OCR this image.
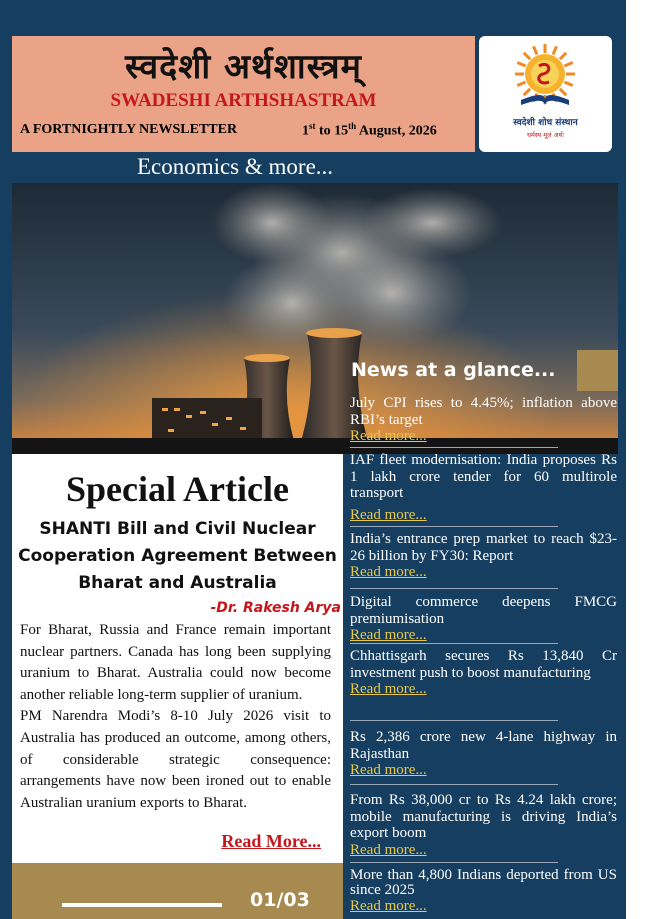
स्वदेशी अर्थशास्त्रम्
SWADESHI ARTHSHASTRAM
A FORTNIGHTLY NEWSLETTER	1st to 15th August, 2026
स्वदेशी शोध संस्थान
धर्मस्य मूलं अर्थः
Economics & more...
News at a glance...
July CPI rises to 4.45%; inflation above RBI’s target
Read more...
IAF fleet modernisation: India proposes Rs 1 lakh crore tender for 60 multirole transport
Read more...
India’s entrance prep market to reach $23-26 billion by FY30: Report
Read more...
Digital commerce deepens FMCG premiumisation
Read more...
Chhattisgarh secures Rs 13,840 Cr investment push to boost manufacturing
Read more...
Rs 2,386 crore new 4-lane highway in Rajasthan
Read more...
From Rs 38,000 cr to Rs 4.24 lakh crore; mobile manufacturing is driving India’s export boom
Read more...
More than 4,800 Indians deported from US since 2025
Read more...
Special Article
SHANTI Bill and Civil Nuclear Cooperation Agreement Between Bharat and Australia
-Dr. Rakesh Arya

For Bharat, Russia and France remain important nuclear partners. Canada has long been supplying uranium to Bharat. Australia could now become another reliable long-term supplier of uranium.

PM Narendra Modi’s 8-10 July 2026 visit to Australia has produced an outcome, among others, of considerable strategic consequence: arrangements have now been ironed out to enable Australian uranium exports to Bharat.

Read More...
01/03
